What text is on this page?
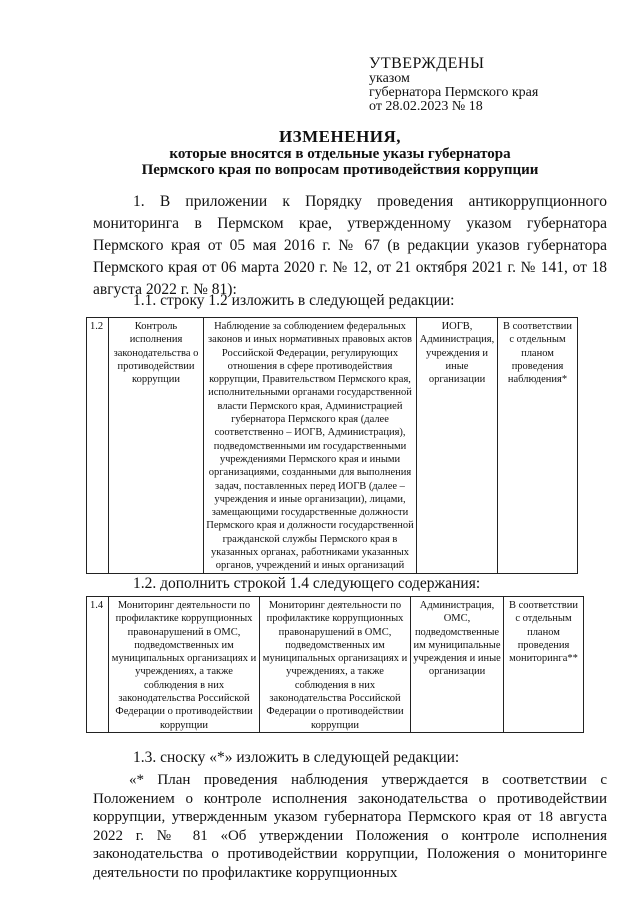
УТВЕРЖДЕНЫ
указом
губернатора Пермского края
от 28.02.2023 № 18
ИЗМЕНЕНИЯ,
которые вносятся в отдельные указы губернатора
Пермского края по вопросам противодействия коррупции
1. В приложении к Порядку проведения антикоррупционного мониторинга в Пермском крае, утвержденному указом губернатора Пермского края от 05 мая 2016 г. № 67 (в редакции указов губернатора Пермского края от 06 марта 2020 г. № 12, от 21 октября 2021 г. № 141, от 18 августа 2022 г. № 81):
1.1. строку 1.2 изложить в следующей редакции:
1.2	Контроль исполнения законодательства о противодействии коррупции	Наблюдение за соблюдением федеральных законов и иных нормативных правовых актов Российской Федерации, регулирующих отношения в сфере противодействия коррупции, Правительством Пермского края, исполнительными органами государственной власти Пермского края, Администрацией губернатора Пермского края (далее соответственно – ИОГВ, Администрация), подведомственными им государственными учреждениями Пермского края и иными организациями, созданными для выполнения задач, поставленных перед ИОГВ (далее – учреждения и иные организации), лицами, замещающими государственные должности Пермского края и должности государственной гражданской службы Пермского края в указанных органах, работниками указанных органов, учреждений и иных организаций	ИОГВ, Администрация, учреждения и иные организации	В соответствии с отдельным планом проведения наблюдения*
1.2. дополнить строкой 1.4 следующего содержания:
1.4	Мониторинг деятельности по профилактике коррупционных правонарушений в ОМС, подведомственных им муниципальных организациях и учреждениях, а также соблюдения в них законодательства Российской Федерации о противодействии коррупции	Мониторинг деятельности по профилактике коррупционных правонарушений в ОМС, подведомственных им муниципальных организациях и учреждениях, а также соблюдения в них законодательства Российской Федерации о противодействии коррупции	Администрация, ОМС, подведомственные им муниципальные учреждения и иные организации	В соответствии с отдельным планом проведения мониторинга**
1.3. сноску «*» изложить в следующей редакции:
«* План проведения наблюдения утверждается в соответствии с Положением о контроле исполнения законодательства о противодействии коррупции, утвержденным указом губернатора Пермского края от 18 августа 2022 г. № 81 «Об утверждении Положения о контроле исполнения законодательства о противодействии коррупции, Положения о мониторинге деятельности по профилактике коррупционных
